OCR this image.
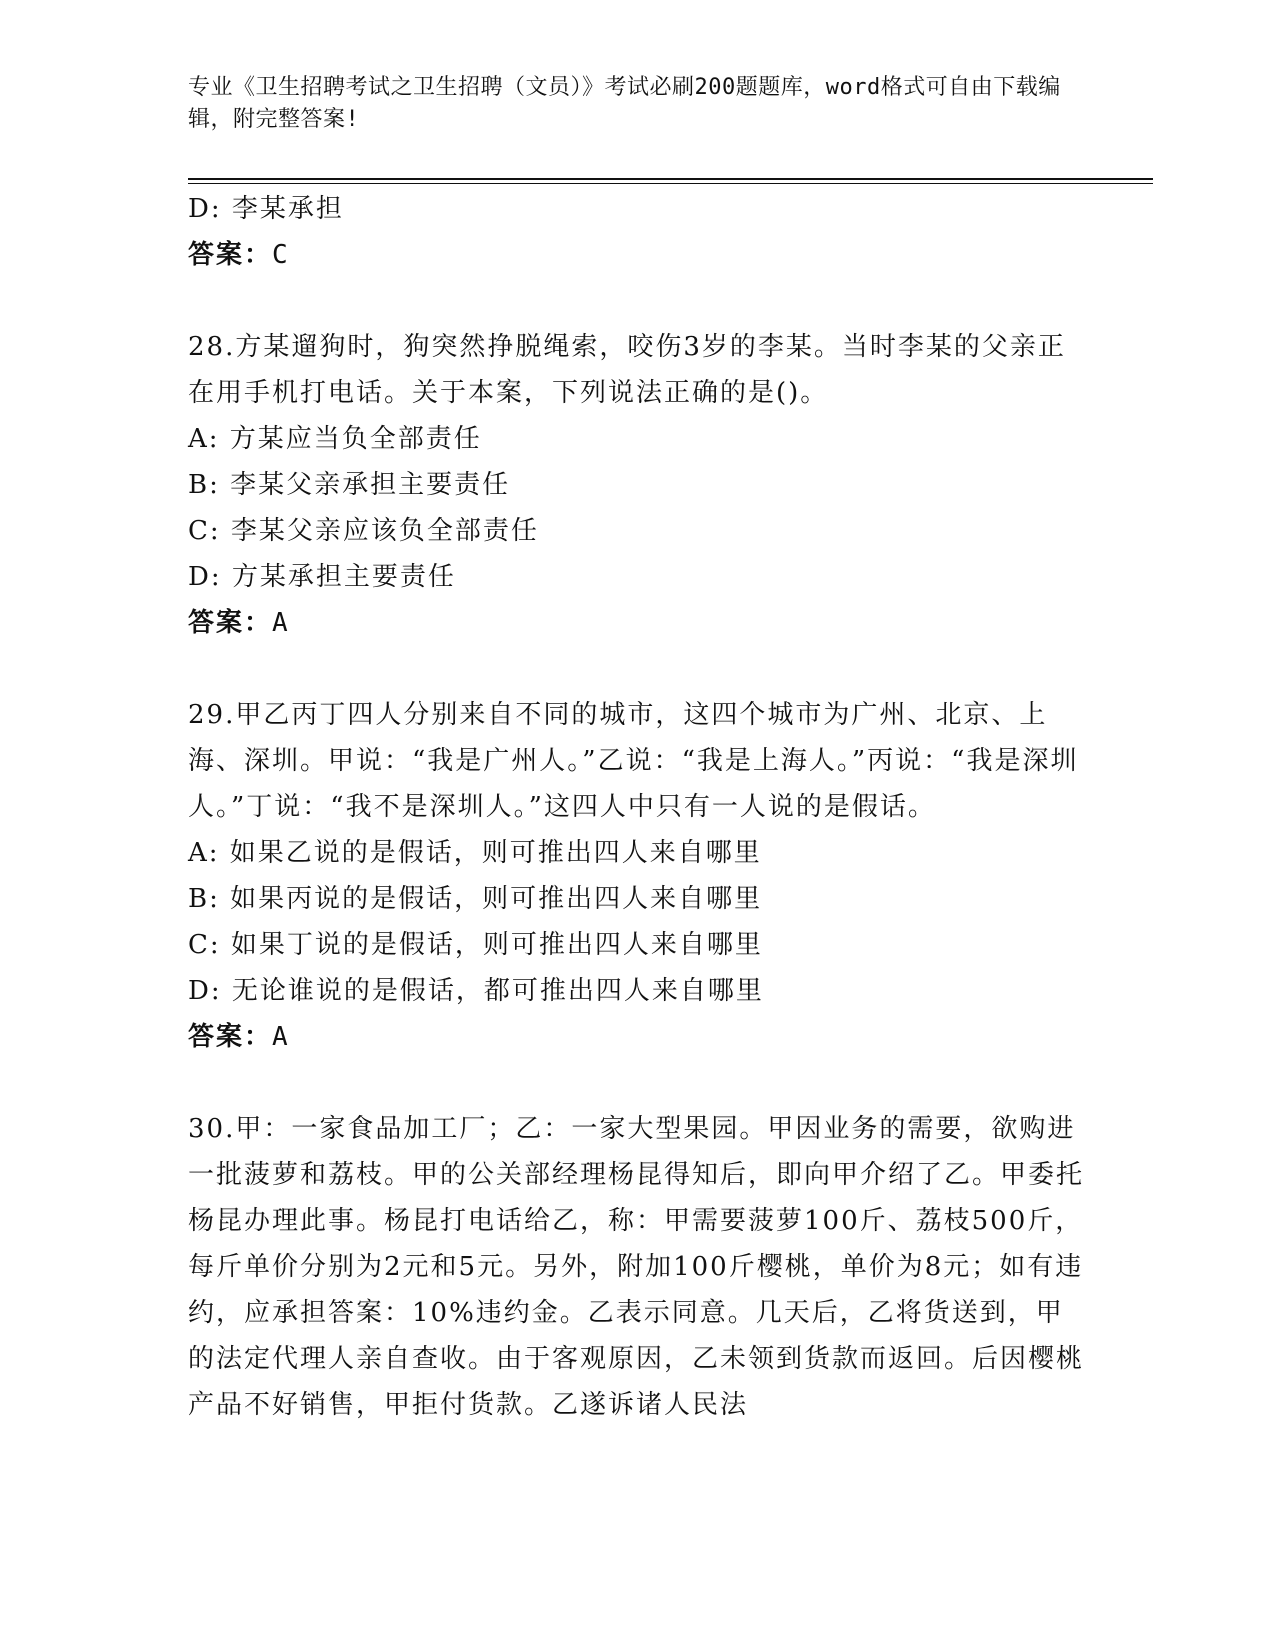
专业《卫生招聘考试之卫生招聘（文员）》考试必刷200题题库，word格式可自由下载编辑，附完整答案!
D: 李某承担
答案：C
28.方某遛狗时，狗突然挣脱绳索，咬伤3岁的李某。当时李某的父亲正在用手机打电话。关于本案，下列说法正确的是()。
A: 方某应当负全部责任
B: 李某父亲承担主要责任
C: 李某父亲应该负全部责任
D: 方某承担主要责任
答案：A
29.甲乙丙丁四人分别来自不同的城市，这四个城市为广州、北京、上海、深圳。甲说：“我是广州人。”乙说：“我是上海人。”丙说：“我是深圳人。”丁说：“我不是深圳人。”这四人中只有一人说的是假话。
A: 如果乙说的是假话，则可推出四人来自哪里
B: 如果丙说的是假话，则可推出四人来自哪里
C: 如果丁说的是假话，则可推出四人来自哪里
D: 无论谁说的是假话，都可推出四人来自哪里
答案：A
30.甲：一家食品加工厂；乙：一家大型果园。甲因业务的需要，欲购进一批菠萝和荔枝。甲的公关部经理杨昆得知后，即向甲介绍了乙。甲委托杨昆办理此事。杨昆打电话给乙，称：甲需要菠萝100斤、荔枝500斤，每斤单价分别为2元和5元。另外，附加100斤樱桃，单价为8元；如有违约，应承担答案：10%违约金。乙表示同意。几天后，乙将货送到，甲的法定代理人亲自查收。由于客观原因，乙未领到货款而返回。后因樱桃产品不好销售，甲拒付货款。乙遂诉诸人民法
